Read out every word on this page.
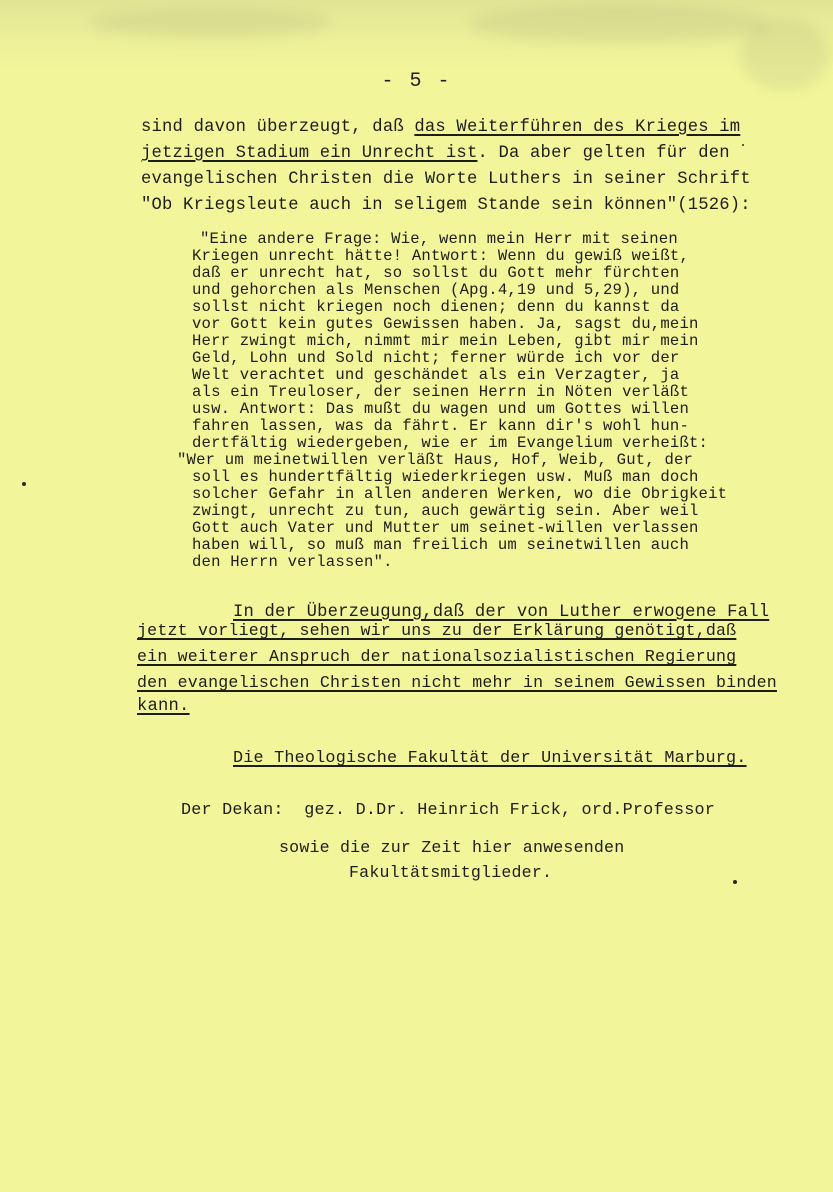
- 5 -
sind davon überzeugt, daß das Weiterführen des Krieges im
jetzigen Stadium ein Unrecht ist. Da aber gelten für den
evangelischen Christen die Worte Luthers in seiner Schrift
"Ob Kriegsleute auch in seligem Stande sein können"(1526):
"Eine andere Frage: Wie, wenn mein Herr mit seinen
Kriegen unrecht hätte! Antwort: Wenn du gewiß weißt,
daß er unrecht hat, so sollst du Gott mehr fürchten
und gehorchen als Menschen (Apg.4,19 und 5,29), und
sollst nicht kriegen noch dienen; denn du kannst da
vor Gott kein gutes Gewissen haben. Ja, sagst du,mein
Herr zwingt mich, nimmt mir mein Leben, gibt mir mein
Geld, Lohn und Sold nicht; ferner würde ich vor der
Welt verachtet und geschändet als ein Verzagter, ja
als ein Treuloser, der seinen Herrn in Nöten verläßt
usw. Antwort: Das mußt du wagen und um Gottes willen
fahren lassen, was da fährt. Er kann dir's wohl hun-
dertfältig wiedergeben, wie er im Evangelium verheißt:
"Wer um meinetwillen verläßt Haus, Hof, Weib, Gut, der
soll es hundertfältig wiederkriegen usw. Muß man doch
solcher Gefahr in allen anderen Werken, wo die Obrigkeit
zwingt, unrecht zu tun, auch gewärtig sein. Aber weil
Gott auch Vater und Mutter um seinet-willen verlassen
haben will, so muß man freilich um seinetwillen auch
den Herrn verlassen".
In der Überzeugung,daß der von Luther erwogene Fall
jetzt vorliegt, sehen wir uns zu der Erklärung genötigt,daß
ein weiterer Anspruch der nationalsozialistischen Regierung
den evangelischen Christen nicht mehr in seinem Gewissen binden
kann.
Die Theologische Fakultät der Universität Marburg.
Der Dekan:  gez. D.Dr. Heinrich Frick, ord.Professor
sowie die zur Zeit hier anwesenden
Fakultätsmitglieder.
